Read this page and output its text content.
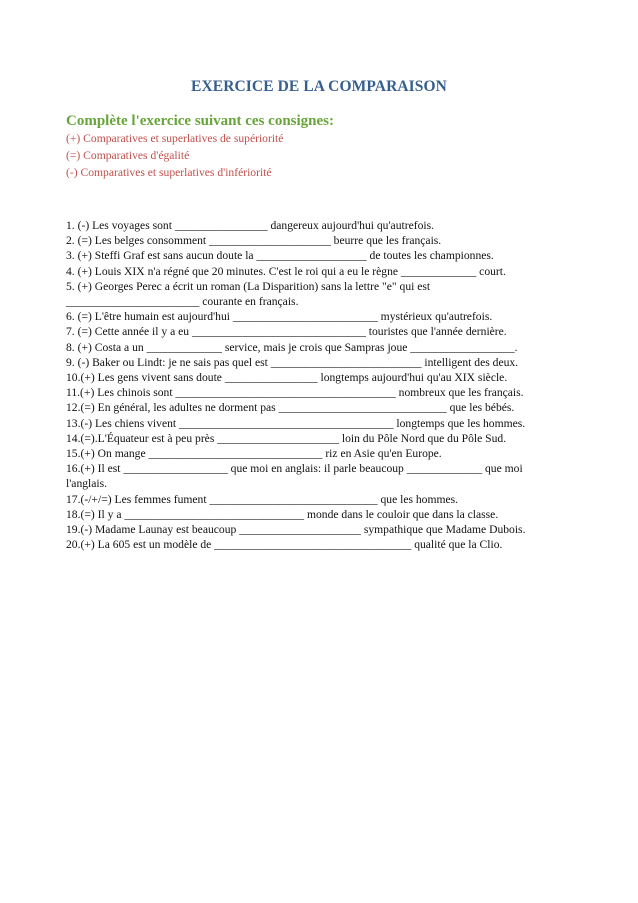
EXERCICE DE LA COMPARAISON
Complète l'exercice suivant ces consignes:
(+) Comparatives et superlatives de supériorité
(=) Comparatives d'égalité
(-) Comparatives et superlatives d'infériorité
1. (-) Les voyages sont ________________ dangereux aujourd'hui qu'autrefois.
2. (=) Les belges consomment _____________________ beurre que les français.
3. (+) Steffi Graf est sans aucun doute la ___________________ de toutes les championnes.
4. (+) Louis XIX n'a régné que 20 minutes. C'est le roi qui a eu le règne _____________ court.
5. (+) Georges Perec a écrit un roman (La Disparition) sans la lettre "e" qui est
_______________________ courante en français.
6. (=) L'être humain est aujourd'hui _________________________ mystérieux qu'autrefois.
7. (=) Cette année il y a eu ______________________________ touristes que l'année dernière.
8. (+) Costa a un _____________ service, mais je crois que Sampras joue __________________.
9. (-) Baker ou Lindt: je ne sais pas quel est __________________________ intelligent des deux.
10.(+) Les gens vivent sans doute ________________ longtemps aujourd'hui qu'au XIX siècle.
11.(+) Les chinois sont ______________________________________ nombreux que les français.
12.(=) En général, les adultes ne dorment pas _____________________________ que les bébés.
13.(-) Les chiens vivent _____________________________________ longtemps que les hommes.
14.(=).L'Équateur est à peu près _____________________ loin du Pôle Nord que du Pôle Sud.
15.(+) On mange ______________________________ riz en Asie qu'en Europe.
16.(+) Il est __________________ que moi en anglais: il parle beaucoup _____________ que moi
l'anglais.
17.(-/+/=) Les femmes fument _____________________________ que les hommes.
18.(=) Il y a _______________________________ monde dans le couloir que dans la classe.
19.(-) Madame Launay est beaucoup _____________________ sympathique que Madame Dubois.
20.(+) La 605 est un modèle de __________________________________ qualité que la Clio.
